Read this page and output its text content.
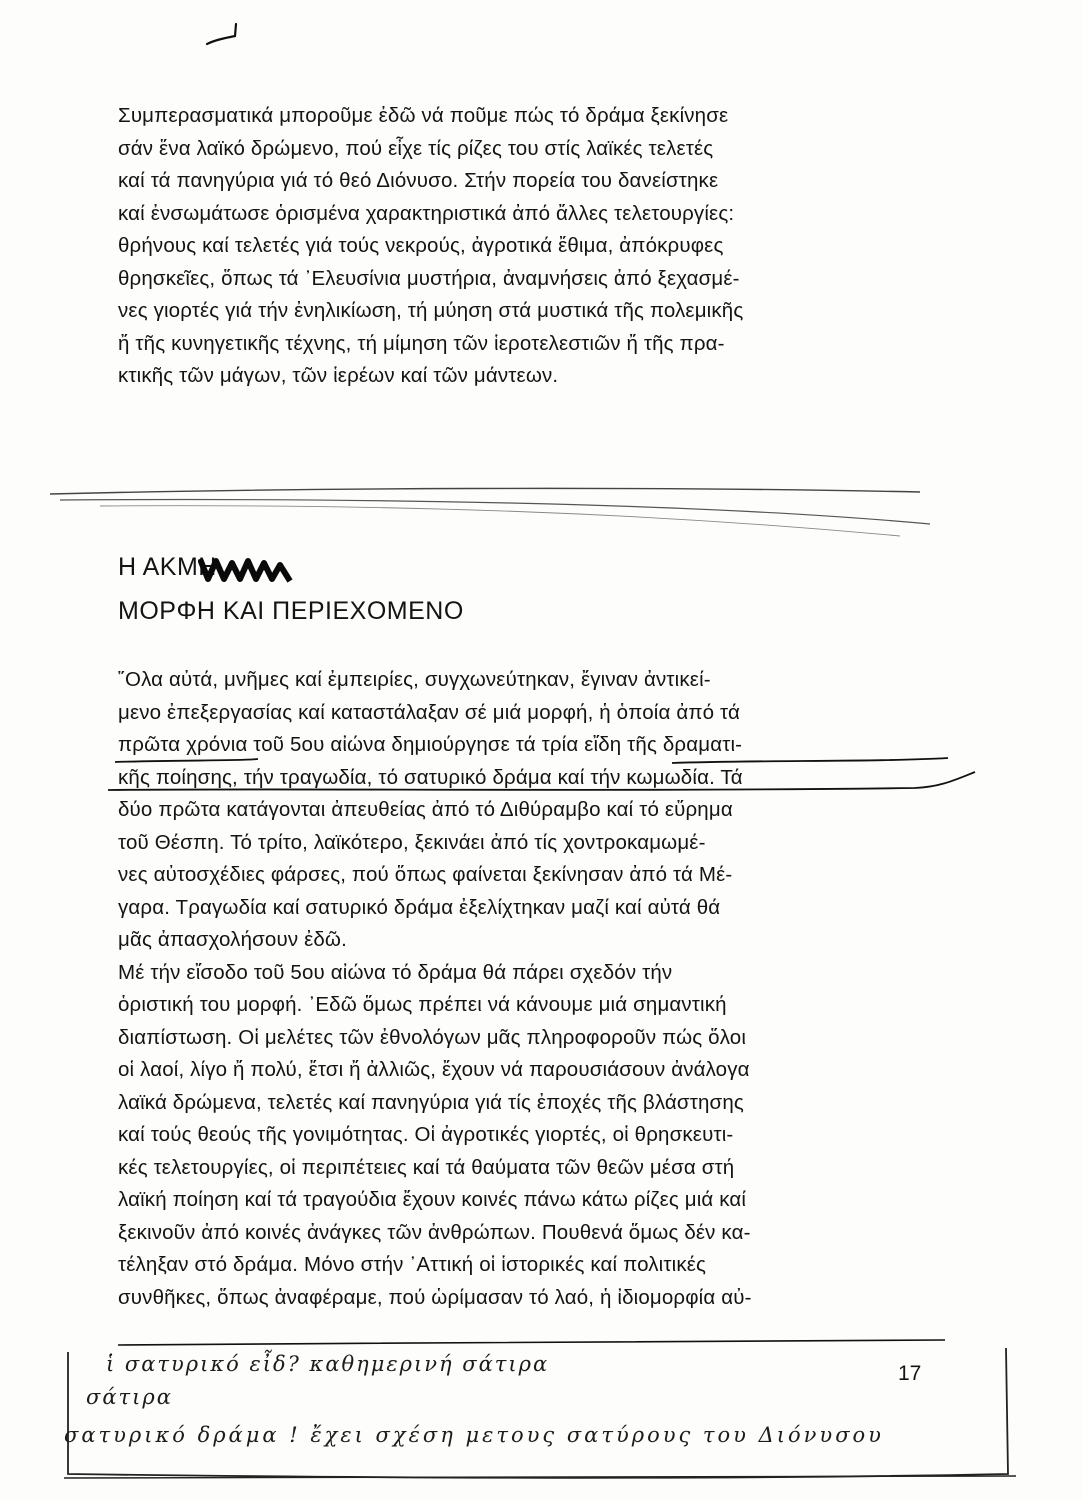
Συμπερασματικά μποροῦμε ἐδῶ νά ποῦμε πώς τό δράμα ξεκίνησε
σάν ἕνα λαϊκό δρώμενο, πού εἶχε τίς ρίζες του στίς λαϊκές τελετές
καί τά πανηγύρια γιά τό θεό Διόνυσο. Στήν πορεία του δανείστηκε
καί ἐνσωμάτωσε ὁρισμένα χαρακτηριστικά ἀπό ἄλλες τελετουργίες:
θρήνους καί τελετές γιά τούς νεκρούς, ἀγροτικά ἔθιμα, ἀπόκρυφες
θρησκεῖες, ὅπως τά ᾿Ελευσίνια μυστήρια, ἀναμνήσεις ἀπό ξεχασμέ-
νες γιορτές γιά τήν ἐνηλικίωση, τή μύηση στά μυστικά τῆς πολεμικῆς
ἤ τῆς κυνηγετικῆς τέχνης, τή μίμηση τῶν ἱεροτελεστιῶν ἤ τῆς πρα-
κτικῆς τῶν μάγων, τῶν ἱερέων καί τῶν μάντεων.

Η ΑΚΜΗ
ΜΟΡΦΗ ΚΑΙ ΠΕΡΙΕΧΟΜΕΝΟ

῞Ολα αὐτά, μνῆμες καί ἐμπειρίες, συγχωνεύτηκαν, ἔγιναν ἀντικεί-
μενο ἐπεξεργασίας καί καταστάλαξαν σέ μιά μορφή, ἡ ὁποία ἀπό τά
πρῶτα χρόνια τοῦ 5ου αἰώνα δημιούργησε τά τρία εἴδη τῆς δραματι-
κῆς ποίησης, τήν τραγωδία, τό σατυρικό δράμα καί τήν κωμωδία. Τά
δύο πρῶτα κατάγονται ἀπευθείας ἀπό τό Διθύραμβο καί τό εὕρημα
τοῦ Θέσπη. Τό τρίτο, λαϊκότερο, ξεκινάει ἀπό τίς χοντροκαμωμέ-
νες αὐτοσχέδιες φάρσες, πού ὅπως φαίνεται ξεκίνησαν ἀπό τά Μέ-
γαρα. Τραγωδία καί σατυρικό δράμα ἐξελίχτηκαν μαζί καί αὐτά θά
μᾶς ἀπασχολήσουν ἐδῶ.
Μέ τήν εἴσοδο τοῦ 5ου αἰώνα τό δράμα θά πάρει σχεδόν τήν
ὁριστική του μορφή. ᾿Εδῶ ὅμως πρέπει νά κάνουμε μιά σημαντική
διαπίστωση. Οἱ μελέτες τῶν ἐθνολόγων μᾶς πληροφοροῦν πώς ὅλοι
οἱ λαοί, λίγο ἤ πολύ, ἔτσι ἤ ἀλλιῶς, ἔχουν νά παρουσιάσουν ἀνάλογα
λαϊκά δρώμενα, τελετές καί πανηγύρια γιά τίς ἐποχές τῆς βλάστησης
καί τούς θεούς τῆς γονιμότητας. Οἱ ἀγροτικές γιορτές, οἱ θρησκευτι-
κές τελετουργίες, οἱ περιπέτειες καί τά θαύματα τῶν θεῶν μέσα στή
λαϊκή ποίηση καί τά τραγούδια ἔχουν κοινές πάνω κάτω ρίζες μιά καί
ξεκινοῦν ἀπό κοινές ἀνάγκες τῶν ἀνθρώπων. Πουθενά ὅμως δέν κα-
τέληξαν στό δράμα. Μόνο στήν ᾿Αττική οἱ ἱστορικές καί πολιτικές
συνθῆκες, ὅπως ἀναφέραμε, πού ὡρίμασαν τό λαό, ἡ ἰδιομορφία αὐ-

17
ἱ σατυρικό εἶδ? καθημερινή σάτιρα
σάτιρα
σατυρικό δράμα ! ἔχει σχέση μετους σατύρους του Διόνυσου
